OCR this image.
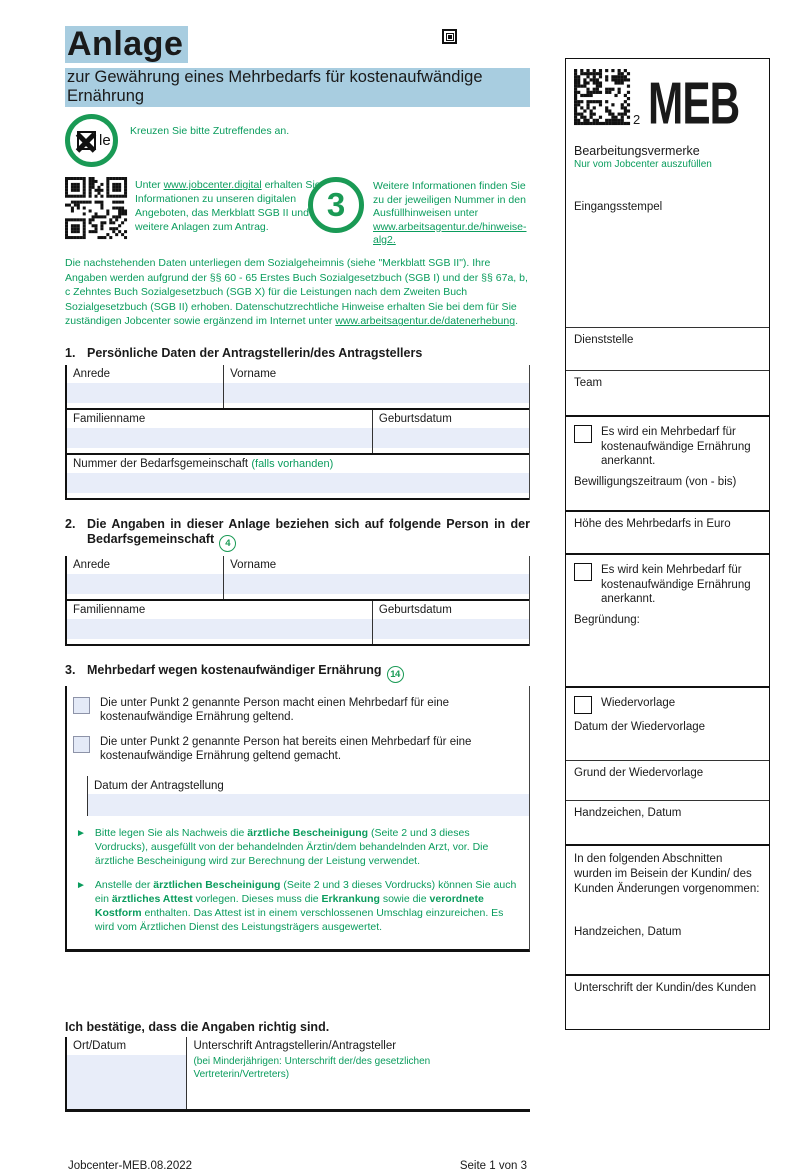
Anlage
zur Gewährung eines Mehrbedarfs für kostenaufwändige Ernährung
le
Kreuzen Sie bitte Zutreffendes an.

Unter www.jobcenter.digital erhalten Sie Informationen zu unseren digitalen Angeboten, das Merkblatt SGB II und weitere Anlagen zum Antrag.

3	Weitere Informationen finden Sie zu der jeweiligen Nummer in den Ausfüllhinweisen unter www.arbeitsagentur.de/hinweise-alg2.

Die nachstehenden Daten unterliegen dem Sozialgeheimnis (siehe "Merkblatt SGB II"). Ihre Angaben werden aufgrund der §§ 60 - 65 Erstes Buch Sozialgesetzbuch (SGB I) und der §§ 67a, b, c Zehntes Buch Sozialgesetzbuch (SGB X) für die Leistungen nach dem Zweiten Buch Sozialgesetzbuch (SGB II) erhoben. Datenschutzrechtliche Hinweise erhalten Sie bei dem für Sie zuständigen Jobcenter sowie ergänzend im Internet unter www.arbeitsagentur.de/datenerhebung.

1. Persönliche Daten der Antragstellerin/des Antragstellers
Anrede	Vorname
Familienname	Geburtsdatum
Nummer der Bedarfsgemeinschaft (falls vorhanden)
2. Die Angaben in dieser Anlage beziehen sich auf folgende Person in der Bedarfsgemeinschaft 4
Anrede	Vorname
Familienname	Geburtsdatum
3. Mehrbedarf wegen kostenaufwändiger Ernährung 14
Die unter Punkt 2 genannte Person macht einen Mehrbedarf für eine kostenaufwändige Ernährung geltend.
Die unter Punkt 2 genannte Person hat bereits einen Mehrbedarf für eine kostenaufwändige Ernährung geltend gemacht.
Datum der Antragstellung
► Bitte legen Sie als Nachweis die ärztliche Bescheinigung (Seite 2 und 3 dieses Vordrucks), ausgefüllt von der behandelnden Ärztin/dem behandelnden Arzt, vor. Die ärztliche Bescheinigung wird zur Berechnung der Leistung verwendet.
► Anstelle der ärztlichen Bescheinigung (Seite 2 und 3 dieses Vordrucks) können Sie auch ein ärztliches Attest vorlegen. Dieses muss die Erkrankung sowie die verordnete Kostform enthalten. Das Attest ist in einem verschlossenen Umschlag einzureichen. Es wird vom Ärztlichen Dienst des Leistungsträgers ausgewertet.
Ich bestätige, dass die Angaben richtig sind.
Ort/Datum	Unterschrift Antragstellerin/Antragsteller
(bei Minderjährigen: Unterschrift der/des gesetzlichen Vertreterin/Vertreters)
Jobcenter-MEB.08.2022	Seite 1 von 3
2 MEB
Bearbeitungsvermerke
Nur vom Jobcenter auszufüllen
Eingangsstempel
Dienststelle
Team
Es wird ein Mehrbedarf für kostenaufwändige Ernährung anerkannt.
Bewilligungszeitraum (von - bis)
Höhe des Mehrbedarfs in Euro
Es wird kein Mehrbedarf für kostenaufwändige Ernährung anerkannt.
Begründung:
Wiedervorlage
Datum der Wiedervorlage
Grund der Wiedervorlage
Handzeichen, Datum
In den folgenden Abschnitten wurden im Beisein der Kundin/ des Kunden Änderungen vorgenommen:
Handzeichen, Datum
Unterschrift der Kundin/des Kunden
